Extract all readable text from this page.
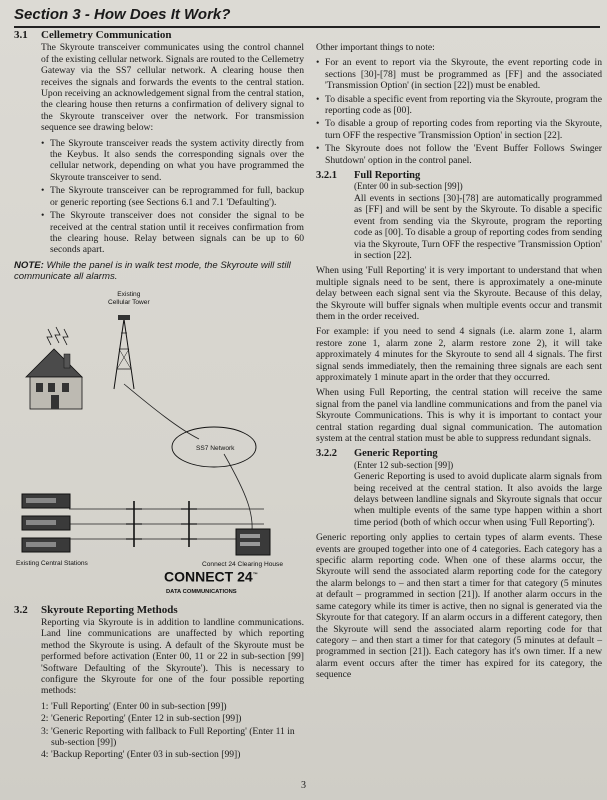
Section 3 - How Does It Work?
3.1	Cellemetry Communication

The Skyroute transceiver communicates using the control channel of the existing cellular network. Signals are routed to the Cellemetry Gateway via the SS7 cellular network. A clearing house then receives the signals and forwards the events to the central station. Upon receiving an acknowledgement signal from the central station, the clearing house then returns a confirmation of delivery signal to the Skyroute transceiver over the network. For transmission sequence see drawing below:

• The Skyroute transceiver reads the system activity directly from the Keybus. It also sends the corresponding signals over the cellular network, depending on what you have programmed the Skyroute transceiver to send.
• The Skyroute transceiver can be reprogrammed for full, backup or generic reporting (see Sections 6.1 and 7.1 'Defaulting').
• The Skyroute transceiver does not consider the signal to be received at the central station until it receives confirmation from the clearing house. Relay between signals can be up to 60 seconds apart.
NOTE: While the panel is in walk test mode, the Skyroute will still communicate all alarms.
Existing
Cellular Tower
SS7 Network
Existing Central Stations	Connect 24 Clearing House
CONNECT 24™
DATA COMMUNICATIONS
3.2	Skyroute Reporting Methods

Reporting via Skyroute is in addition to landline communications. Land line communications are unaffected by which reporting method the Skyroute is using. A default of the Skyroute must be performed before activation (Enter 00, 11 or 22 in sub-section [99] 'Software Defaulting of the Skyroute'). This is necessary to configure the Skyroute for one of the four possible reporting methods:

1: 'Full Reporting' (Enter 00 in sub-section [99])
2: 'Generic Reporting' (Enter 12 in sub-section [99])
3: 'Generic Reporting with fallback to Full Reporting' (Enter 11 in sub-section [99])
4: 'Backup Reporting' (Enter 03 in sub-section [99])

Other important things to note:

• For an event to report via the Skyroute, the event reporting code in sections [30]-[78] must be programmed as [FF] and the associated 'Transmission Option' (in section [22]) must be enabled.
• To disable a specific event from reporting via the Skyroute, program the reporting code as [00].
• To disable a group of reporting codes from reporting via the Skyroute, turn OFF the respective 'Transmission Option' in section [22].
• The Skyroute does not follow the 'Event Buffer Follows Swinger Shutdown' option in the control panel.
3.2.1	Full Reporting
(Enter 00 in sub-section [99])

All events in sections [30]-[78] are automatically programmed as [FF] and will be sent by the Skyroute. To disable a specific event from sending via the Skyroute, program the reporting code as [00]. To disable a group of reporting codes from sending via the Skyroute, Turn OFF the respective 'Transmission Option' in section [22].

When using 'Full Reporting' it is very important to understand that when multiple signals need to be sent, there is approximately a one-minute delay between each signal sent via the Skyroute. Because of this delay, the Skyroute will buffer signals when multiple events occur and transmit them in the order received.

For example: if you need to send 4 signals (i.e. alarm zone 1, alarm restore zone 1, alarm zone 2, alarm restore zone 2), it will take approximately 4 minutes for the Skyroute to send all 4 signals. The first signal sends immediately, then the remaining three signals are each sent approximately 1 minute apart in the order that they occurred.

When using Full Reporting, the central station will receive the same signal from the panel via landline communications and from the panel via Skyroute Communications. This is why it is important to contact your central station regarding dual signal communication. The automation system at the central station must be able to suppress redundant signals.

3.2.2	Generic Reporting
(Enter 12 sub-section [99])

Generic Reporting is used to avoid duplicate alarm signals from being received at the central station. It also avoids the large delays between landline signals and Skyroute signals that occur when multiple events of the same type happen within a short time period (both of which occur when using 'Full Reporting').

Generic reporting only applies to certain types of alarm events. These events are grouped together into one of 4 categories. Each category has a specific alarm reporting code. When one of these alarms occur, the Skyroute will send the associated alarm reporting code for the category the alarm belongs to – and then start a timer for that category (5 minutes at default – programmed in section [21]). If another alarm occurs in the same category while its timer is active, then no signal is generated via the Skyroute for that category. If an alarm occurs in a different category, then the Skyroute will send the associated alarm reporting code for that category – and then start a timer for that category (5 minutes at default – programmed in section [21]). Each category has it's own timer. If a new alarm event occurs after the timer has expired for its category, the sequence

3
